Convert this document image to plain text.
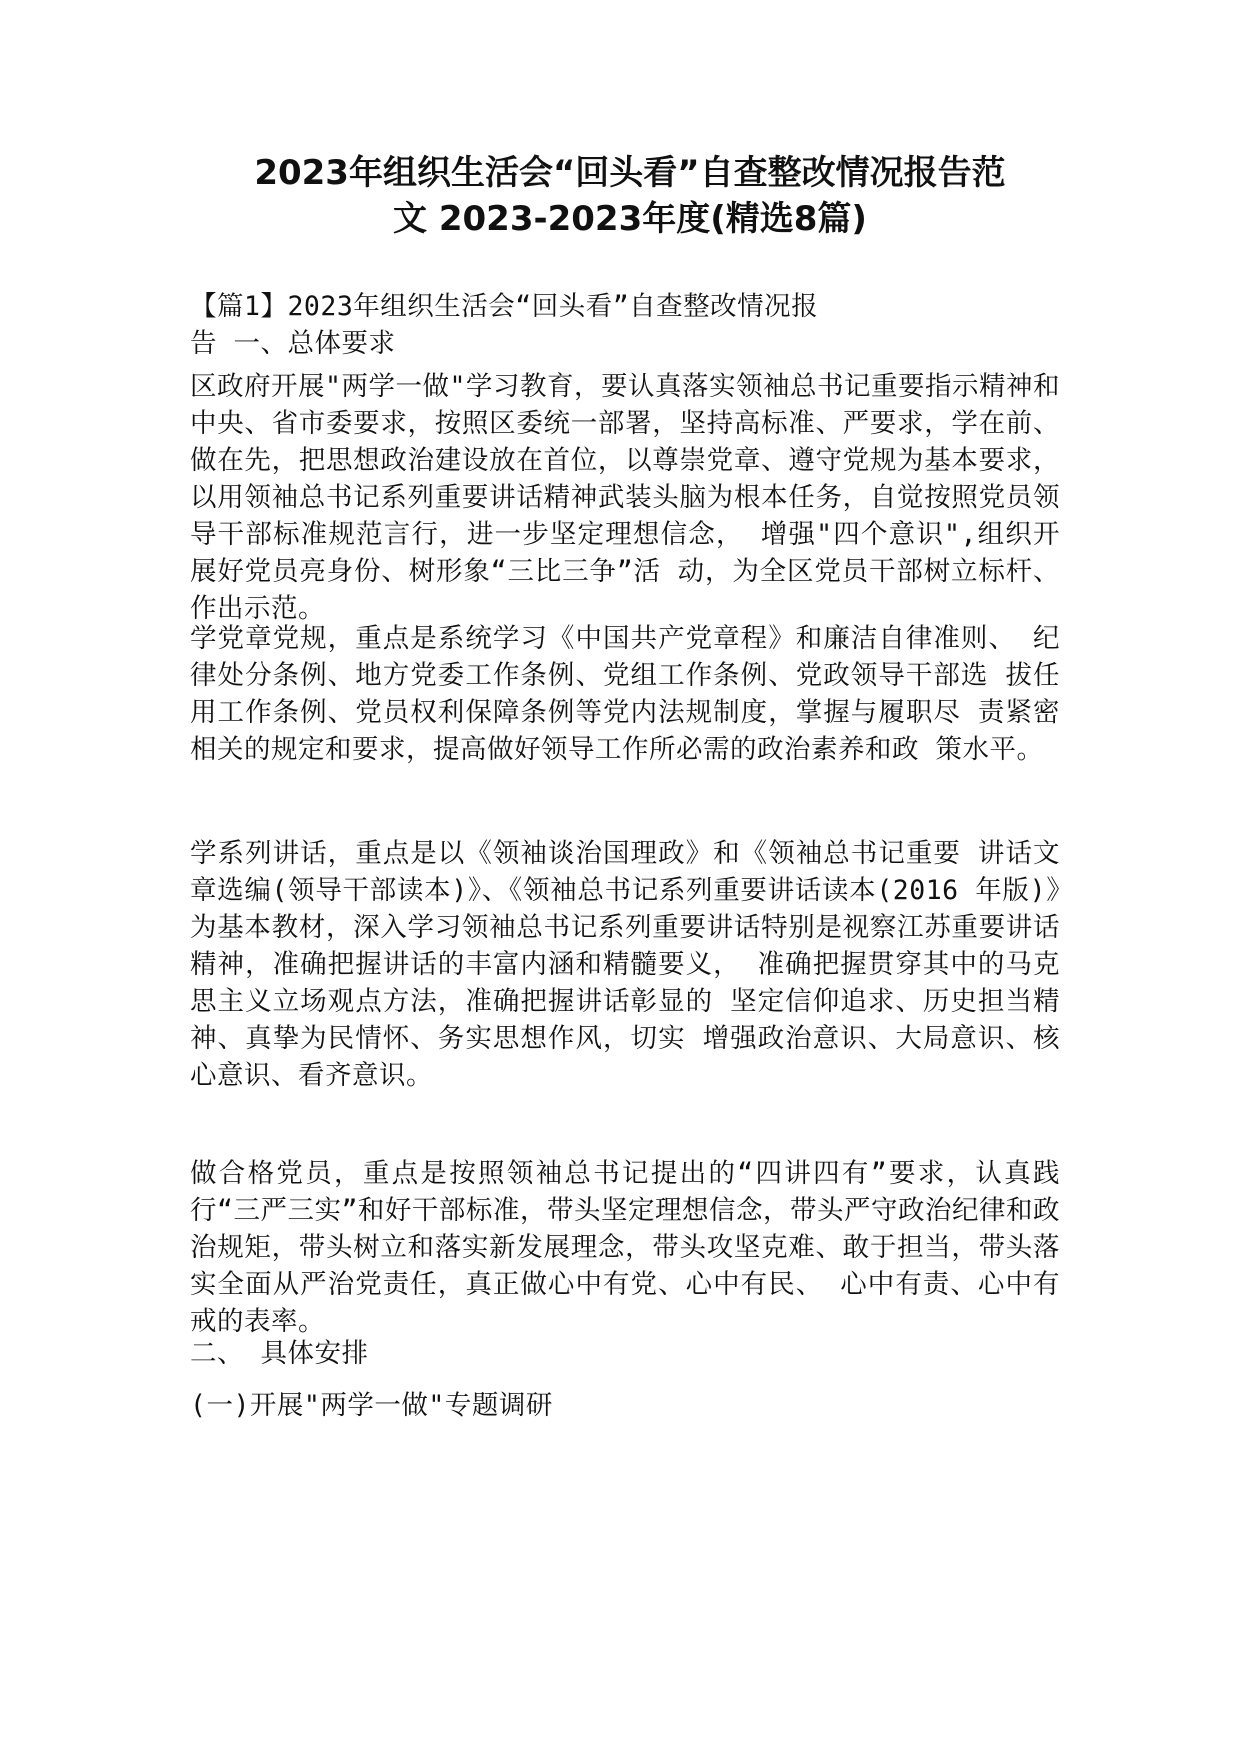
2023年组织生活会“回头看”自查整改情况报告范
文 2023-2023年度(精选8篇)
【篇1】2023年组织生活会“回头看”自查整改情况报
告 一、总体要求
区政府开展"两学一做"学习教育，要认真落实领袖总书记重要指示精神和中央、省市委要求，按照区委统一部署，坚持高标准、严要求，学在前、做在先，把思想政治建设放在首位，以尊崇党章、遵守党规为基本要求，以用领袖总书记系列重要讲话精神武装头脑为根本任务，自觉按照党员领导干部标准规范言行，进一步坚定理想信念， 增强"四个意识",组织开展好党员亮身份、树形象“三比三争”活 动，为全区党员干部树立标杆、作出示范。
学党章党规，重点是系统学习《中国共产党章程》和廉洁自律准则、 纪律处分条例、地方党委工作条例、党组工作条例、党政领导干部选 拔任用工作条例、党员权利保障条例等党内法规制度，掌握与履职尽 责紧密相关的规定和要求，提高做好领导工作所必需的政治素养和政 策水平。
学系列讲话，重点是以《领袖谈治国理政》和《领袖总书记重要 讲话文章选编(领导干部读本)》、《领袖总书记系列重要讲话读本(2016 年版)》为基本教材，深入学习领袖总书记系列重要讲话特别是视察江苏重要讲话精神，准确把握讲话的丰富内涵和精髓要义， 准确把握贯穿其中的马克思主义立场观点方法，准确把握讲话彰显的 坚定信仰追求、历史担当精神、真挚为民情怀、务实思想作风，切实 增强政治意识、大局意识、核心意识、看齐意识。
做合格党员，重点是按照领袖总书记提出的“四讲四有”要求，认真践行“三严三实”和好干部标准，带头坚定理想信念，带头严守政治纪律和政治规矩，带头树立和落实新发展理念，带头攻坚克难、敢于担当，带头落实全面从严治党责任，真正做心中有党、心中有民、 心中有责、心中有戒的表率。
二、 具体安排
(一)开展"两学一做"专题调研
